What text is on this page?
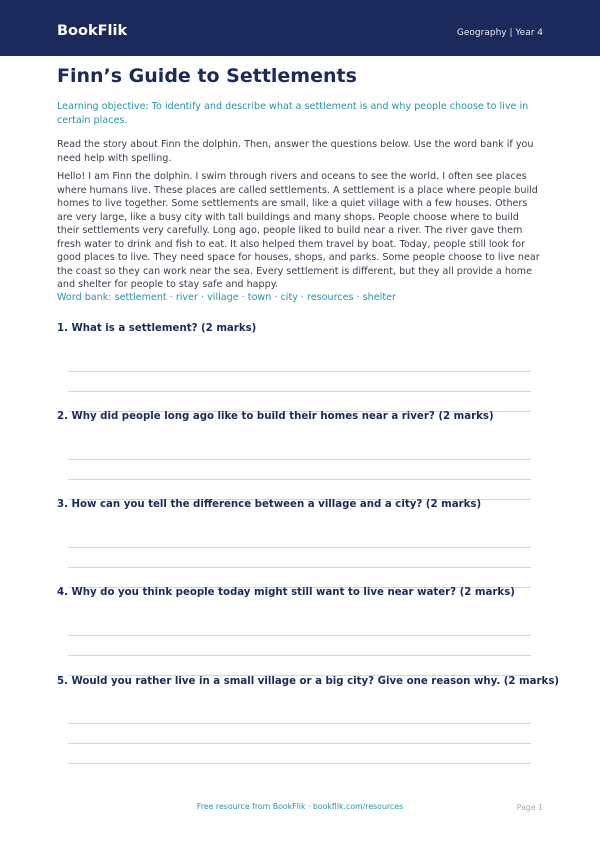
BookFlik	Geography | Year 4
Finn’s Guide to Settlements

Learning objective: To identify and describe what a settlement is and why people choose to live in certain places.

Read the story about Finn the dolphin. Then, answer the questions below. Use the word bank if you need help with spelling.

Hello! I am Finn the dolphin. I swim through rivers and oceans to see the world. I often see places where humans live. These places are called settlements. A settlement is a place where people build homes to live together. Some settlements are small, like a quiet village with a few houses. Others are very large, like a busy city with tall buildings and many shops. People choose where to build their settlements very carefully. Long ago, people liked to build near a river. The river gave them fresh water to drink and fish to eat. It also helped them travel by boat. Today, people still look for good places to live. They need space for houses, shops, and parks. Some people choose to live near the coast so they can work near the sea. Every settlement is different, but they all provide a home and shelter for people to stay safe and happy.

Word bank: settlement · river · village · town · city · resources · shelter

1. What is a settlement? (2 marks)

2. Why did people long ago like to build their homes near a river? (2 marks)

3. How can you tell the difference between a village and a city? (2 marks)

4. Why do you think people today might still want to live near water? (2 marks)

5. Would you rather live in a small village or a big city? Give one reason why. (2 marks)

Free resource from BookFlik · bookflik.com/resources	Page 1
